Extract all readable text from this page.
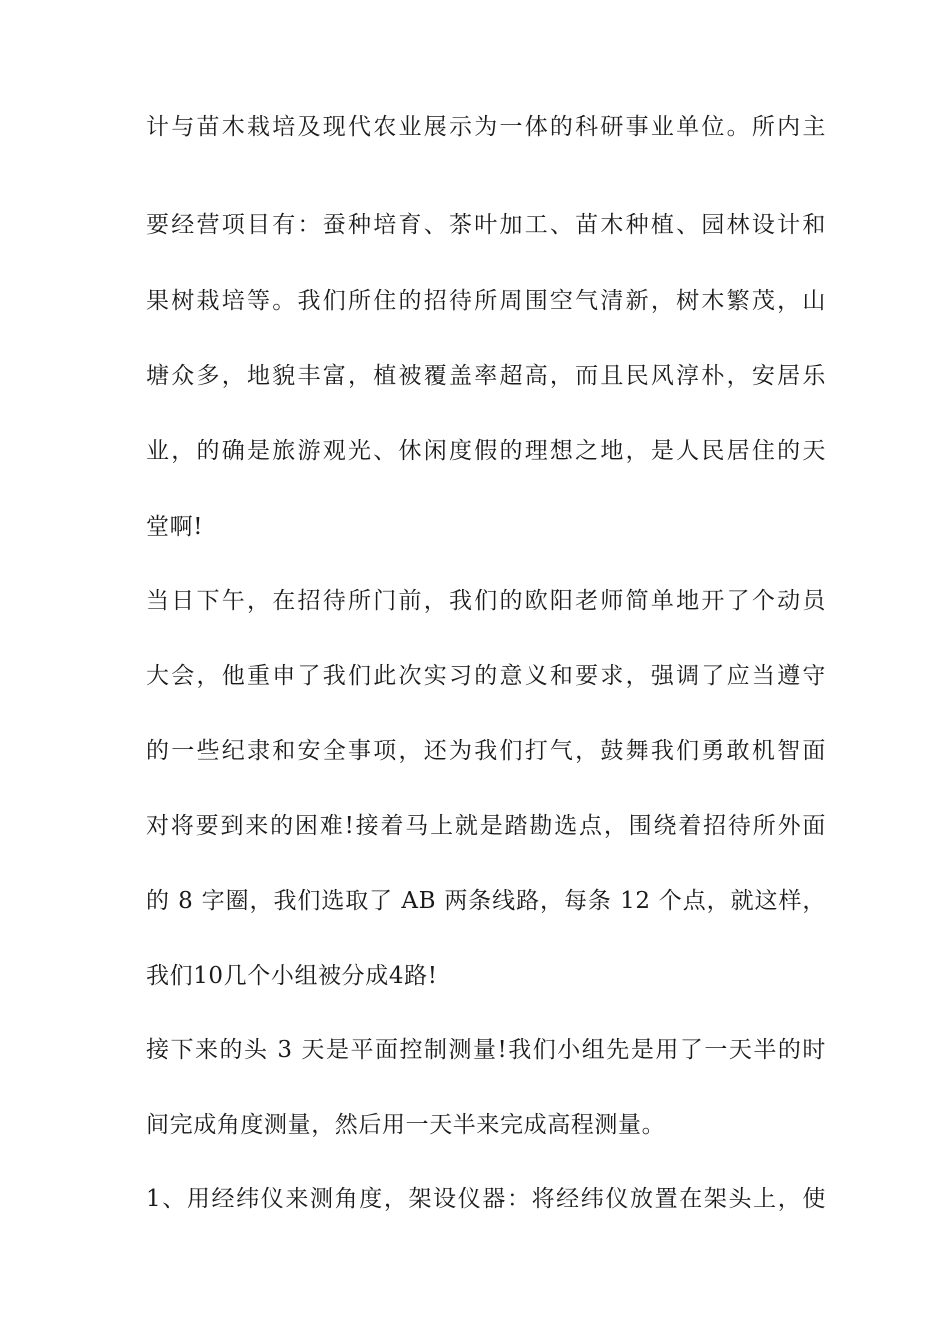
计与苗木栽培及现代农业展示为一体的科研事业单位。所内主
要经营项目有：蚕种培育、茶叶加工、苗木种植、园林设计和
果树栽培等。我们所住的招待所周围空气清新，树木繁茂，山
塘众多，地貌丰富，植被覆盖率超高，而且民风淳朴，安居乐
业，的确是旅游观光、休闲度假的理想之地，是人民居住的天
堂啊!
当日下午，在招待所门前，我们的欧阳老师简单地开了个动员
大会，他重申了我们此次实习的意义和要求，强调了应当遵守
的一些纪隶和安全事项，还为我们打气，鼓舞我们勇敢机智面
对将要到来的困难!接着马上就是踏勘选点，围绕着招待所外面
的 8 字圈，我们选取了 AB 两条线路，每条 12 个点，就这样，
我们10几个小组被分成4路!
接下来的头 3 天是平面控制测量!我们小组先是用了一天半的时
间完成角度测量，然后用一天半来完成高程测量。
1、用经纬仪来测角度，架设仪器：将经纬仪放置在架头上，使
